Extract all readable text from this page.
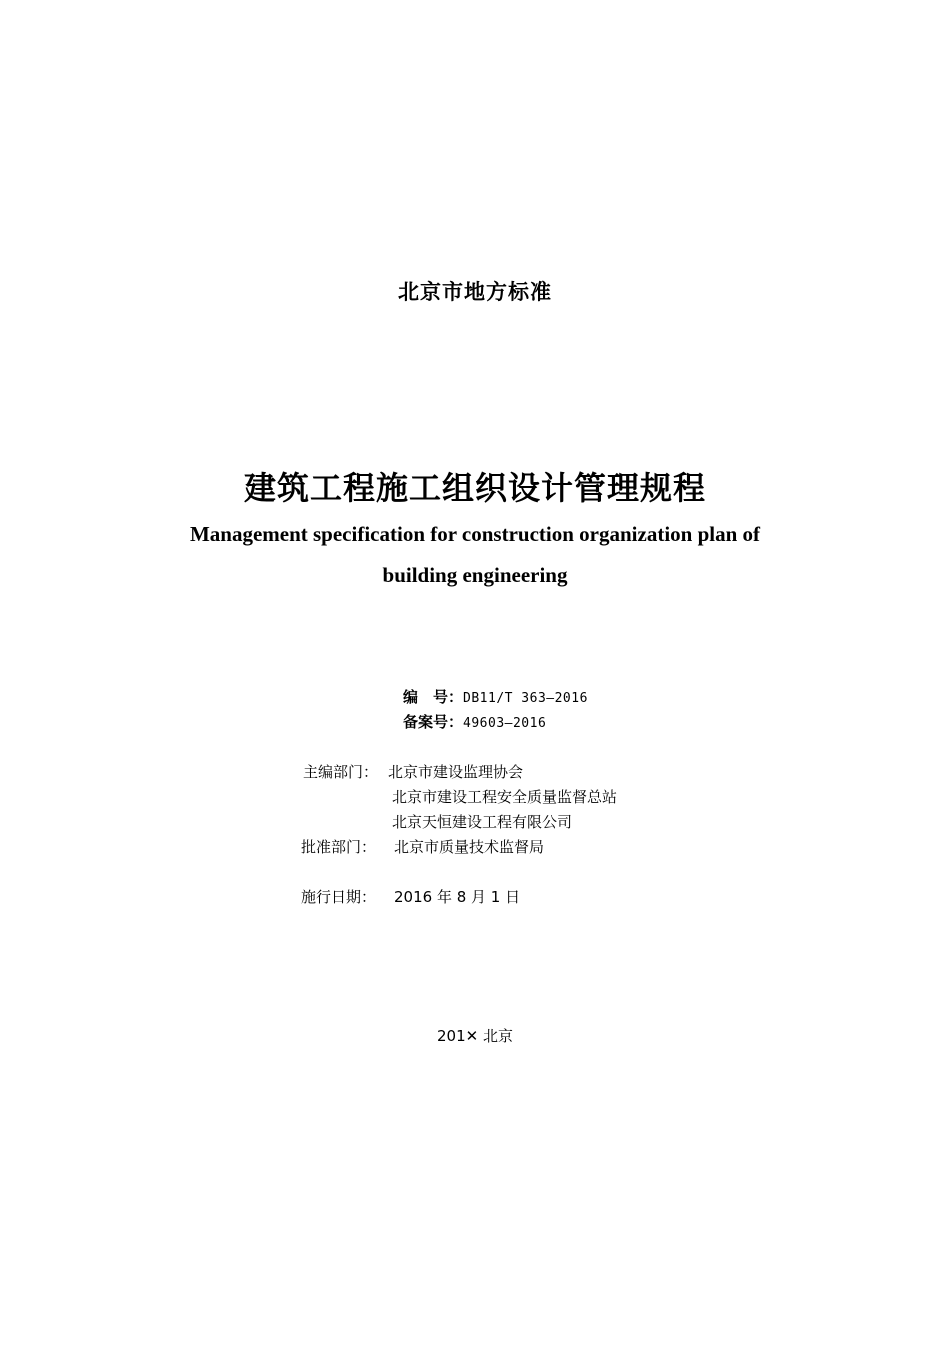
北京市地方标准
建筑工程施工组织设计管理规程
Management specification for construction organization plan of
building engineering
编　号：DB11/T 363—2016
备案号：49603—2016
主编部门： 北京市建设监理协会
北京市建设工程安全质量监督总站
北京天恒建设工程有限公司
批准部门： 北京市质量技术监督局
施行日期： 2016 年 8 月 1 日
201✕ 北京
